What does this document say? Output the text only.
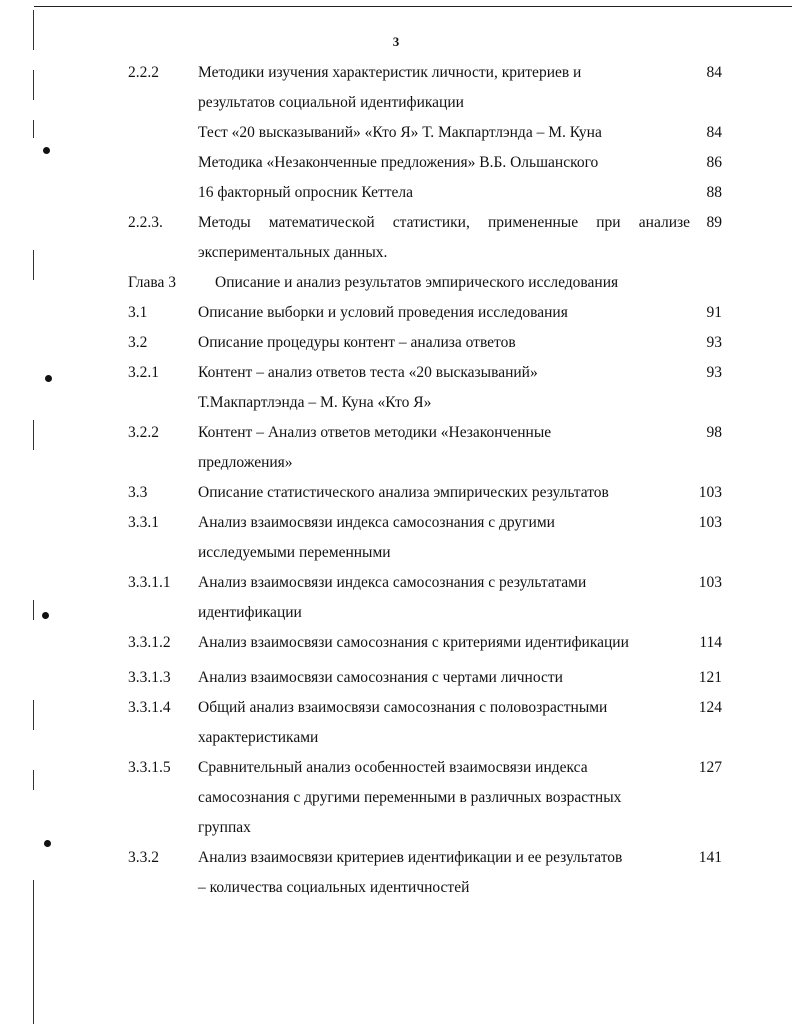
3
2.2.2	Методики изучения характеристик личности, критериев и	84
результатов социальной идентификации
Тест «20 высказываний» «Кто Я» Т. Макпартлэнда – М. Куна	84
Методика «Незаконченные предложения» В.Б. Ольшанского	86
16 факторный опросник Кеттела	88
2.2.3. Методы математической статистики, примененные при анализе 89
экспериментальных данных.
Глава 3	Описание и анализ результатов эмпирического исследования
3.1	Описание выборки и условий проведения исследования	91
3.2	Описание процедуры контент – анализа ответов	93
3.2.1	Контент – анализ ответов теста «20 высказываний»	93
Т.Макпартлэнда – М. Куна «Кто Я»
3.2.2	Контент – Анализ ответов методики «Незаконченные	98
предложения»
3.3	Описание статистического анализа эмпирических результатов	103
3.3.1	Анализ взаимосвязи индекса самосознания с другими	103
исследуемыми переменными
3.3.1.1 Анализ взаимосвязи индекса самосознания с результатами	103
идентификации
3.3.1.2 Анализ взаимосвязи самосознания с критериями идентификации	114
3.3.1.3 Анализ взаимосвязи самосознания с чертами личности	121
3.3.1.4 Общий анализ взаимосвязи самосознания с половозрастными	124
характеристиками
3.3.1.5 Сравнительный анализ особенностей взаимосвязи индекса	127
самосознания с другими переменными в различных возрастных
группах
3.3.2	Анализ взаимосвязи критериев идентификации и ее результатов	141
– количества социальных идентичностей
